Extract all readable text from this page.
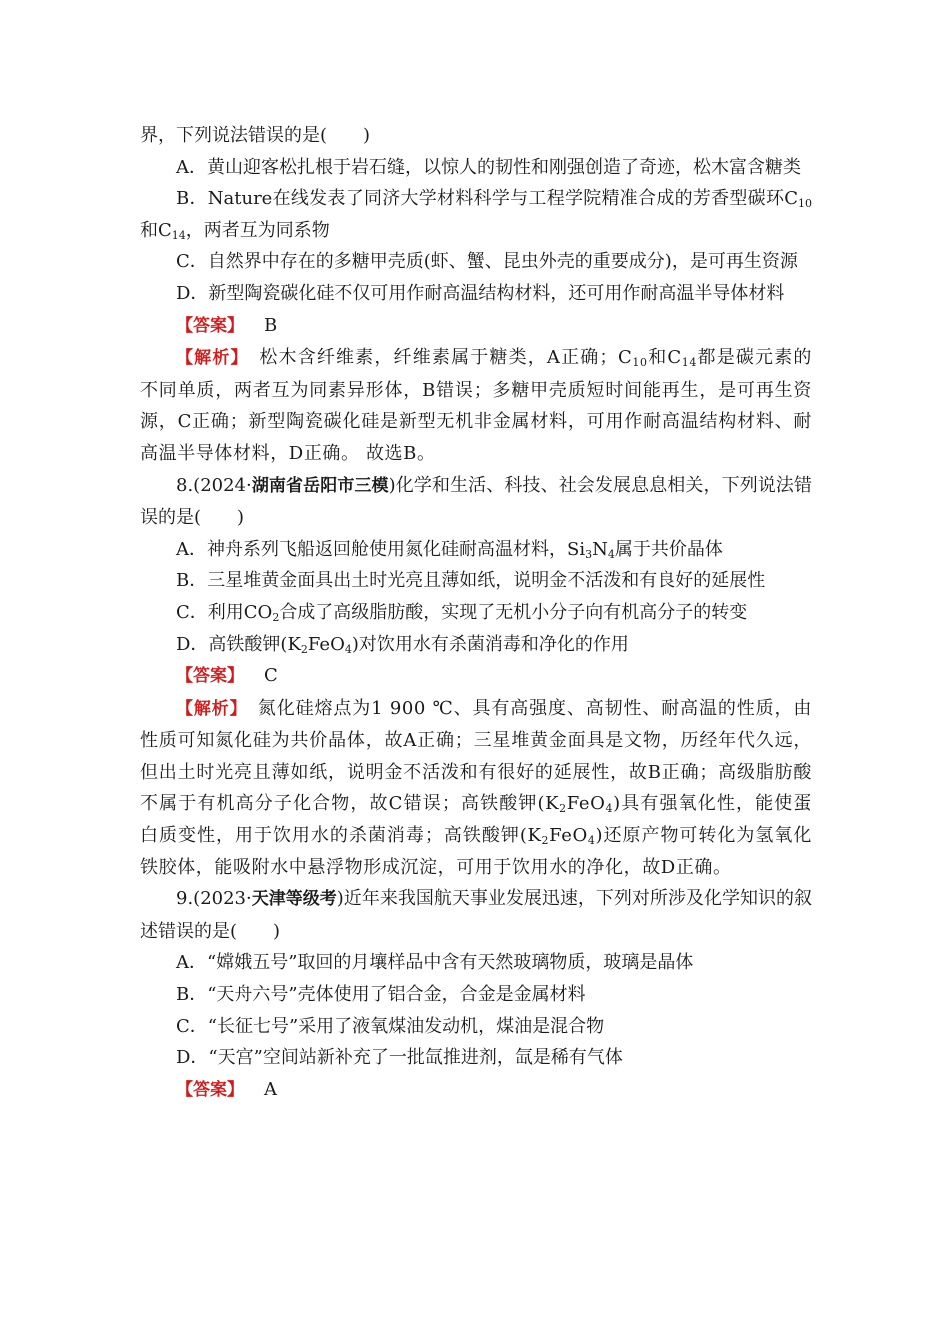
界，下列说法错误的是(　　)

A．黄山迎客松扎根于岩石缝，以惊人的韧性和刚强创造了奇迹，松木富含糖类

B．Nature在线发表了同济大学材料科学与工程学院精准合成的芳香型碳环$C_{10}$和$C_{14}$，两者互为同系物

C．自然界中存在的多糖甲壳质(虾、蟹、昆虫外壳的重要成分)，是可再生资源

D．新型陶瓷碳化硅不仅可用作耐高温结构材料，还可用作耐高温半导体材料

【答案】 B

【解析】　 松木含纤维素，纤维素属于糖类，A正确；$C_{10}$和$C_{14}$都是碳元素的不同单质，两者互为同素异形体，B错误；多糖甲壳质短时间能再生，是可再生资源，C正确；新型陶瓷碳化硅是新型无机非金属材料，可用作耐高温结构材料、耐高温半导体材料，D正确。 故选B。

8.(2024·湖南省岳阳市三模)化学和生活、科技、社会发展息息相关，下列说法错误的是(　　)

A．神舟系列飞船返回舱使用氮化硅耐高温材料，$Si_3N_4$属于共价晶体

B．三星堆黄金面具出土时光亮且薄如纸，说明金不活泼和有良好的延展性

C．利用$CO_2$合成了高级脂肪酸，实现了无机小分子向有机高分子的转变

D．高铁酸钾$(K_2FeO_4)$对饮用水有杀菌消毒和净化的作用

【答案】 C

【解析】　 氮化硅熔点为1 900 ℃、具有高强度、高韧性、耐高温的性质，由性质可知氮化硅为共价晶体，故A正确；三星堆黄金面具是文物，历经年代久远，但出土时光亮且薄如纸，说明金不活泼和有很好的延展性，故B正确；高级脂肪酸不属于有机高分子化合物，故C错误；高铁酸钾$(K_2FeO_4)$具有强氧化性，能使蛋白质变性，用于饮用水的杀菌消毒；高铁酸钾$(K_2FeO_4)$还原产物可转化为氢氧化铁胶体，能吸附水中悬浮物形成沉淀，可用于饮用水的净化，故D正确。

9.(2023·天津等级考)近年来我国航天事业发展迅速，下列对所涉及化学知识的叙述错误的是(　　)

A．“嫦娥五号”取回的月壤样品中含有天然玻璃物质，玻璃是晶体

B．“天舟六号”壳体使用了铝合金，合金是金属材料

C．“长征七号”采用了液氧煤油发动机，煤油是混合物

D．“天宫”空间站新补充了一批氙推进剂，氙是稀有气体

【答案】 A
